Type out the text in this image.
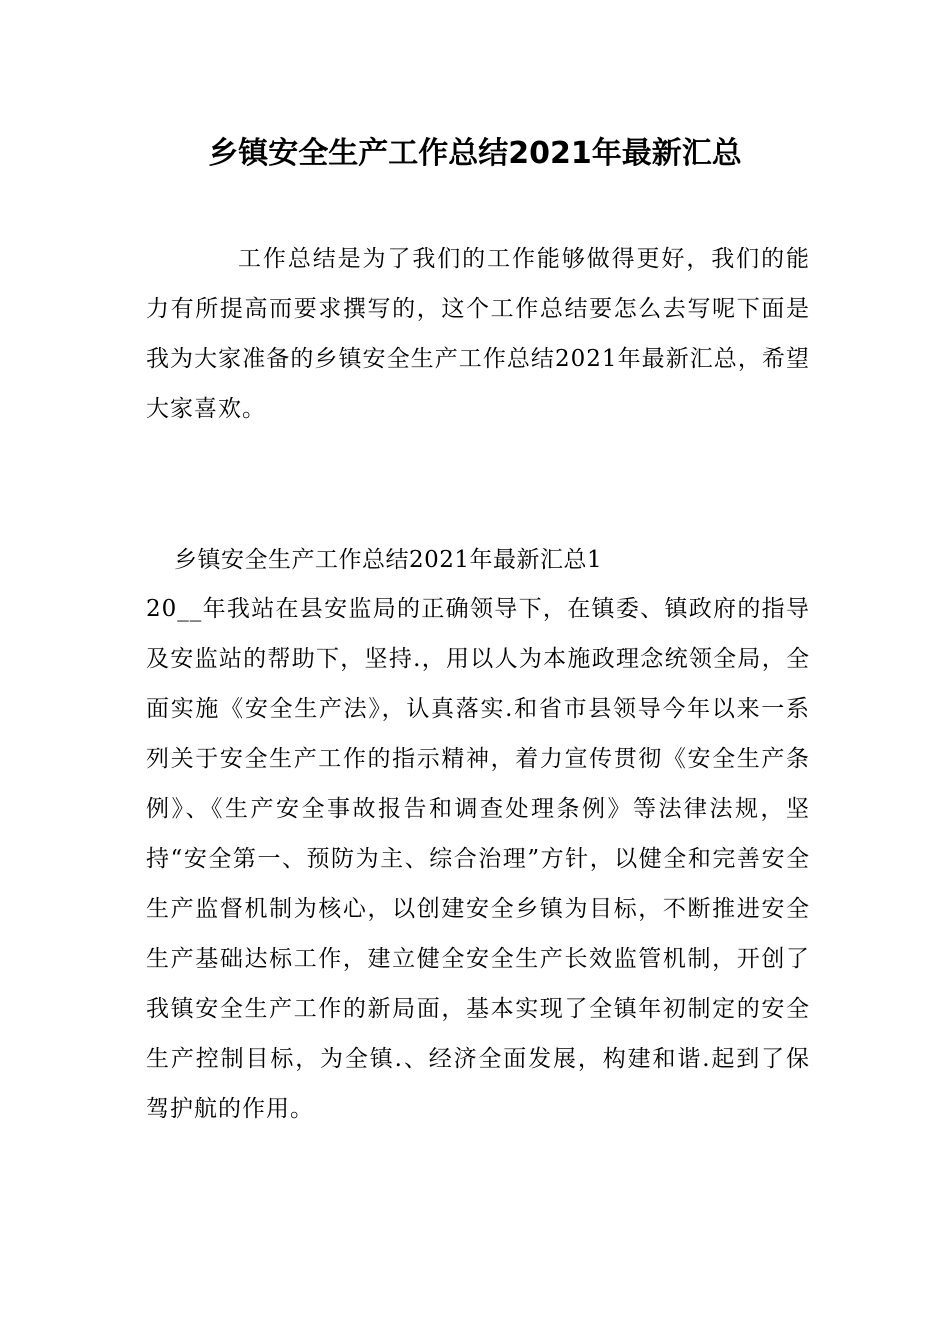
乡镇安全生产工作总结2021年最新汇总

工作总结是为了我们的工作能够做得更好，我们的能力有所提高而要求撰写的，这个工作总结要怎么去写呢下面是我为大家准备的乡镇安全生产工作总结2021年最新汇总，希望大家喜欢。

乡镇安全生产工作总结2021年最新汇总1

20__年我站在县安监局的正确领导下，在镇委、镇政府的指导及安监站的帮助下，坚持.，用以人为本施政理念统领全局，全面实施《安全生产法》，认真落实.和省市县领导今年以来一系列关于安全生产工作的指示精神，着力宣传贯彻《安全生产条例》、《生产安全事故报告和调查处理条例》等法律法规，坚持“安全第一、预防为主、综合治理”方针，以健全和完善安全生产监督机制为核心，以创建安全乡镇为目标，不断推进安全生产基础达标工作，建立健全安全生产长效监管机制，开创了我镇安全生产工作的新局面，基本实现了全镇年初制定的安全生产控制目标，为全镇.、经济全面发展，构建和谐.起到了保驾护航的作用。
